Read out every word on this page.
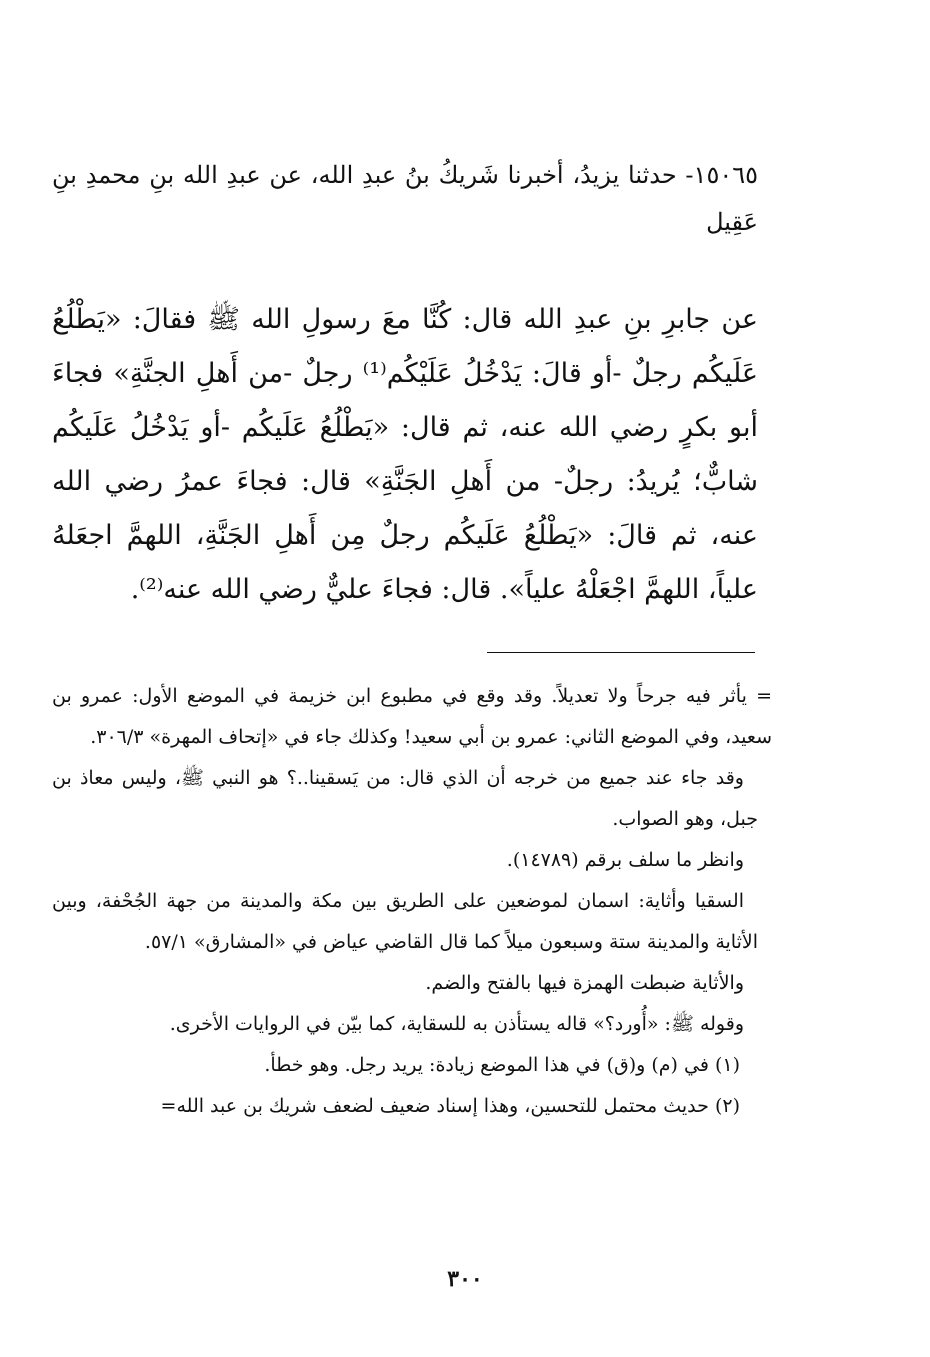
١٥٠٦٥- حدثنا يزيدُ، أخبرنا شَريكُ بنُ عبدِ الله، عن عبدِ الله بنِ محمدِ بنِ عَقِيل

عن جابرِ بنِ عبدِ الله قال: كُنَّا معَ رسولِ الله ﷺ فقالَ: «يَطْلُعُ عَلَيكُم رجلٌ -أو قالَ: يَدْخُلُ عَلَيْكُم⁽¹⁾ رجلٌ -من أَهلِ الجنَّةِ» فجاءَ أبو بكرٍ رضي الله عنه، ثم قال: «يَطْلُعُ عَلَيكُم -أو يَدْخُلُ عَلَيكُم شابٌّ؛ يُريدُ: رجلٌ- من أَهلِ الجَنَّةِ» قال: فجاءَ عمرُ رضي الله عنه، ثم قالَ: «يَطْلُعُ عَلَيكُم رجلٌ مِن أَهلِ الجَنَّةِ، اللهمَّ اجعَلهُ علياً، اللهمَّ اجْعَلْهُ علياً». قال: فجاءَ عليٌّ رضي الله عنه⁽²⁾.

= يأثر فيه جرحاً ولا تعديلاً. وقد وقع في مطبوع ابن خزيمة في الموضع الأول: عمرو بن سعيد، وفي الموضع الثاني: عمرو بن أبي سعيد! وكذلك جاء في «إتحاف المهرة» ٣٠٦/٣.

وقد جاء عند جميع من خرجه أن الذي قال: من يَسقينا..؟ هو النبي ﷺ، وليس معاذ بن جبل، وهو الصواب.

وانظر ما سلف برقم (١٤٧٨٩).

السقيا وأثاية: اسمان لموضعين على الطريق بين مكة والمدينة من جهة الجُحْفة، وبين الأثاية والمدينة ستة وسبعون ميلاً كما قال القاضي عياض في «المشارق» ٥٧/١.

والأثاية ضبطت الهمزة فيها بالفتح والضم.

وقوله ﷺ: «أُورد؟» قاله يستأذن به للسقاية، كما بيّن في الروايات الأخرى.

(١) في (م) و(ق) في هذا الموضع زيادة: يريد رجل. وهو خطأ.

(٢) حديث محتمل للتحسين، وهذا إسناد ضعيف لضعف شريك بن عبد الله=

٣٠٠
